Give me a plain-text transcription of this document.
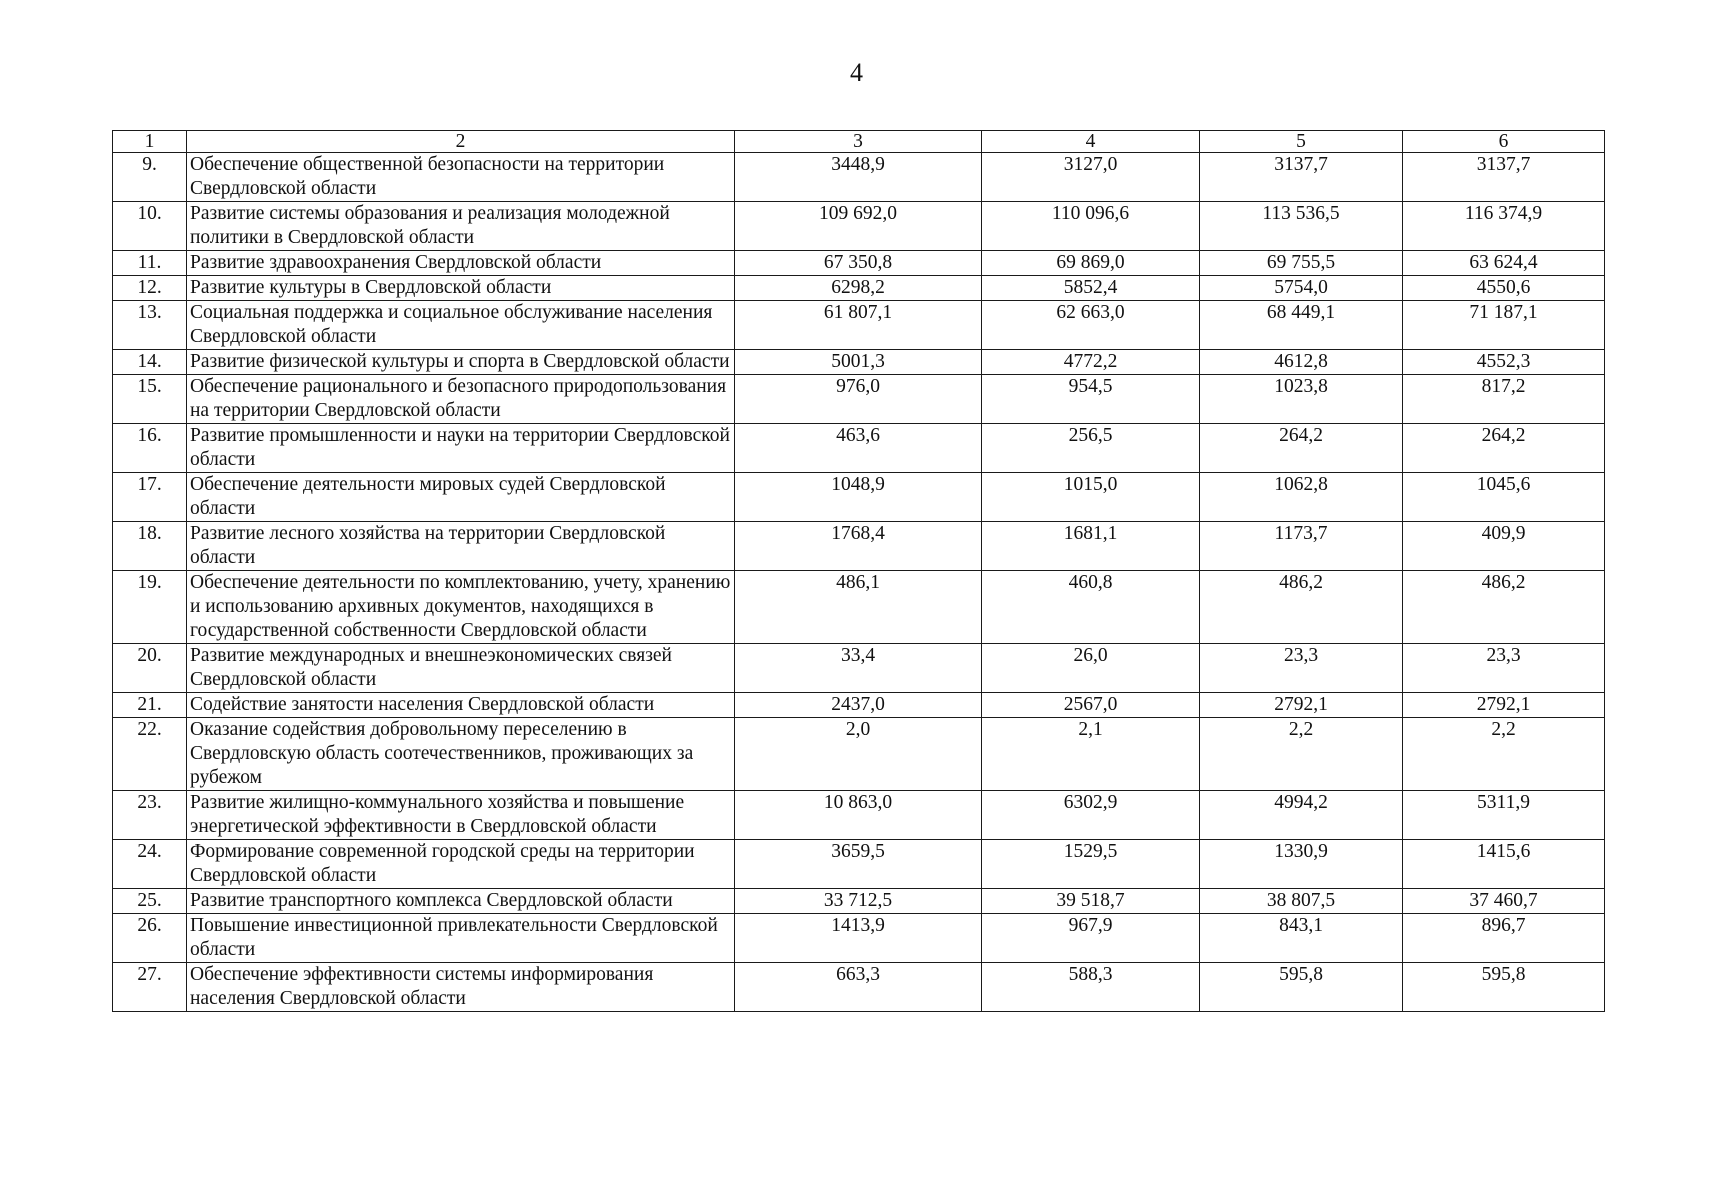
4
1	2	3	4	5	6
9.	Обеспечение общественной безопасности на территории Свердловской области	3448,9	3127,0	3137,7	3137,7
10.	Развитие системы образования и реализация молодежной политики в Свердловской области	109 692,0	110 096,6	113 536,5	116 374,9
11.	Развитие здравоохранения Свердловской области	67 350,8	69 869,0	69 755,5	63 624,4
12.	Развитие культуры в Свердловской области	6298,2	5852,4	5754,0	4550,6
13.	Социальная поддержка и социальное обслуживание населения Свердловской области	61 807,1	62 663,0	68 449,1	71 187,1
14.	Развитие физической культуры и спорта в Свердловской области	5001,3	4772,2	4612,8	4552,3
15.	Обеспечение рационального и безопасного природопользования на территории Свердловской области	976,0	954,5	1023,8	817,2
16.	Развитие промышленности и науки на территории Свердловской области	463,6	256,5	264,2	264,2
17.	Обеспечение деятельности мировых судей Свердловской области	1048,9	1015,0	1062,8	1045,6
18.	Развитие лесного хозяйства на территории Свердловской области	1768,4	1681,1	1173,7	409,9
19.	Обеспечение деятельности по комплектованию, учету, хранению и использованию архивных документов, находящихся в государственной собственности Свердловской области	486,1	460,8	486,2	486,2
20.	Развитие международных и внешнеэкономических связей Свердловской области	33,4	26,0	23,3	23,3
21.	Содействие занятости населения Свердловской области	2437,0	2567,0	2792,1	2792,1
22.	Оказание содействия добровольному переселению в Свердловскую область соотечественников, проживающих за рубежом	2,0	2,1	2,2	2,2
23.	Развитие жилищно-коммунального хозяйства и повышение энергетической эффективности в Свердловской области	10 863,0	6302,9	4994,2	5311,9
24.	Формирование современной городской среды на территории Свердловской области	3659,5	1529,5	1330,9	1415,6
25.	Развитие транспортного комплекса Свердловской области	33 712,5	39 518,7	38 807,5	37 460,7
26.	Повышение инвестиционной привлекательности Свердловской области	1413,9	967,9	843,1	896,7
27.	Обеспечение эффективности системы информирования населения Свердловской области	663,3	588,3	595,8	595,8
